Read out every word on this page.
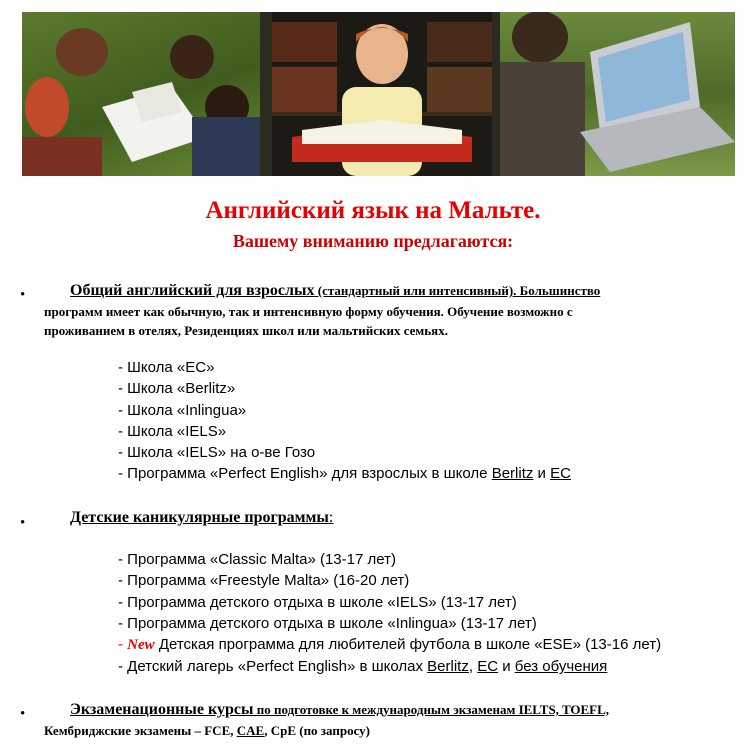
Английский язык на Мальте.
Вашему вниманию предлагаются:
•	Общий английский для взрослых (стандартный или интенсивный). Большинство
программ имеет как обычную, так и интенсивную форму обучения. Обучение возможно с
проживанием в отелях, Резиденциях школ или мальтийских семьях.
- Школа «EC»
- Школа «Berlitz»
- Школа «Inlingua»
- Школа «IELS»
- Школа «IELS» на о-ве Гозо
- Программа «Perfect English» для взрослых в школе Berlitz и EC
•	Детские каникулярные программы:
- Программа «Classic Malta» (13-17 лет)
- Программа «Freestyle Malta» (16-20 лет)
- Программа детского отдыха в школе «IELS» (13-17 лет)
- Программа детского отдыха в школе «Inlingua» (13-17 лет)
- New Детская программа для любителей футбола в школе «ESE» (13-16 лет)
- Детский лагерь «Perfect English» в школах Berlitz, EC и без обучения
•	Экзаменационные курсы по подготовке к международным экзаменам IELTS, TOEFL,
Кембриджские экзамены – FCE, CAE, CpE (по запросу)
